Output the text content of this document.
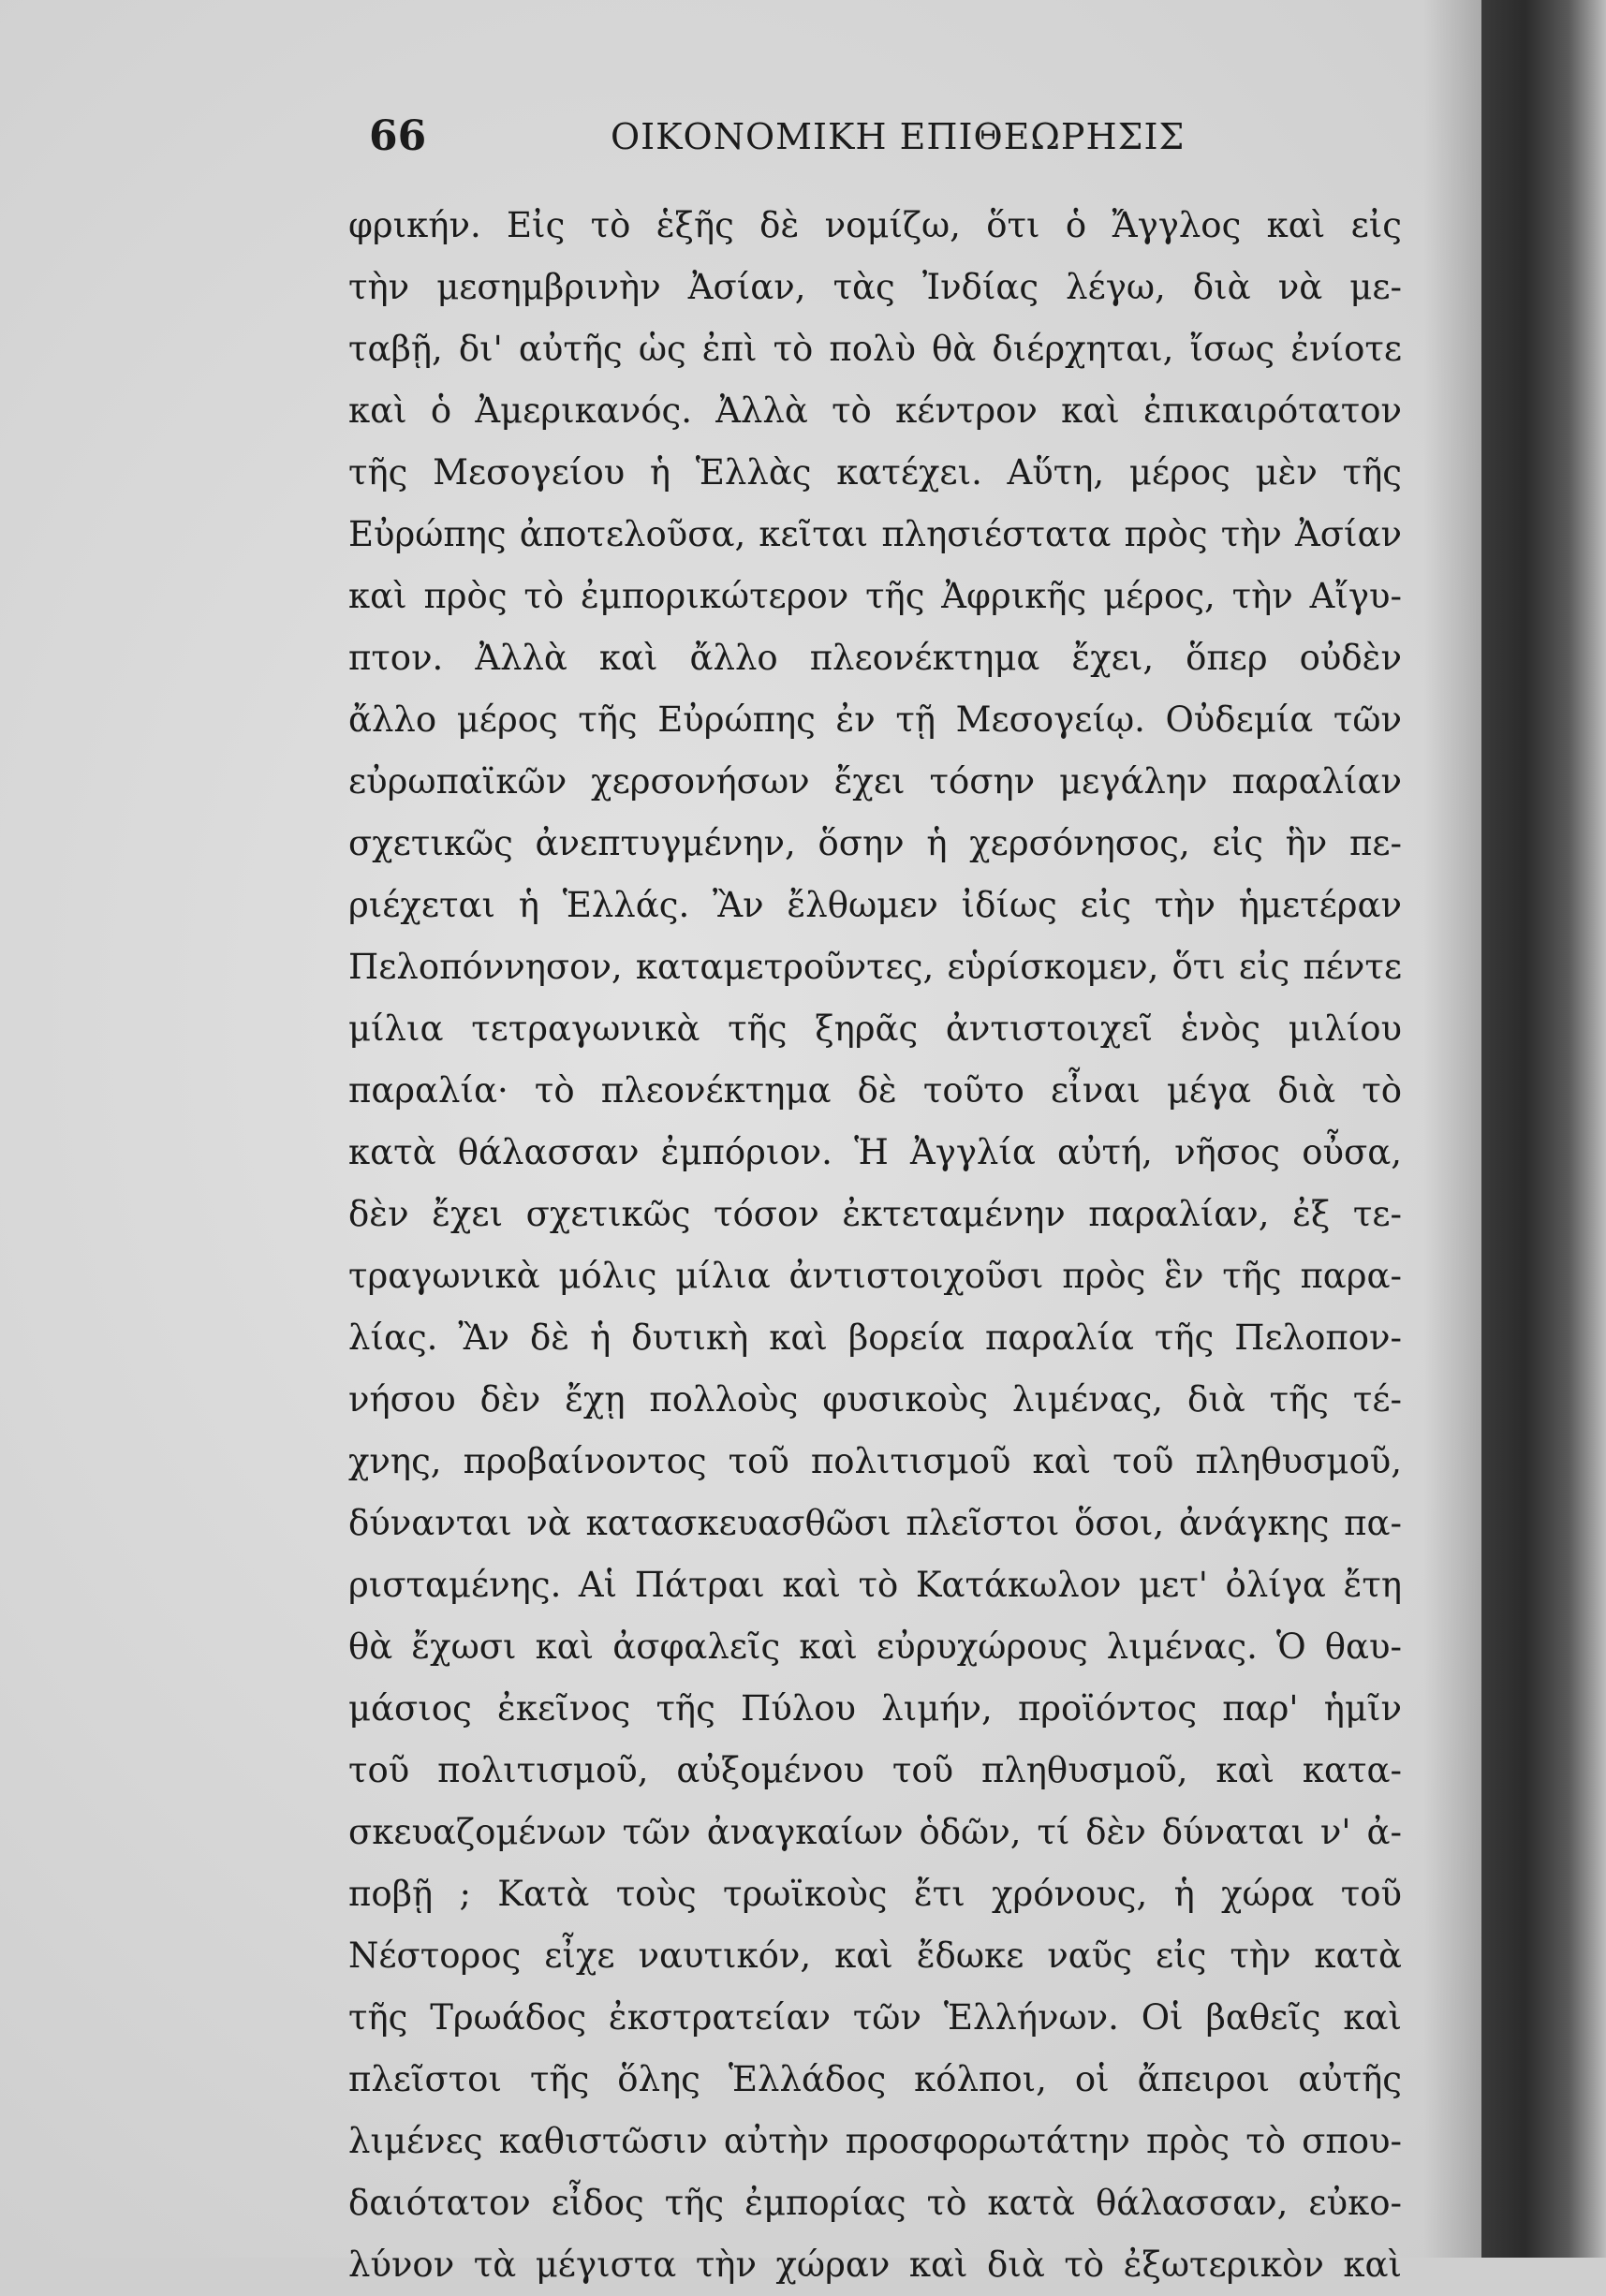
66	ΟΙΚΟΝΟΜΙΚΗ ΕΠΙΘΕΩΡΗΣΙΣ
φρικήν. Εἰς τὸ ἑξῆς δὲ νομίζω, ὅτι ὁ Ἄγγλος καὶ εἰς
τὴν μεσημβρινὴν Ἀσίαν, τὰς Ἰνδίας λέγω, διὰ νὰ με-
ταβῇ, δι' αὐτῆς ὡς ἐπὶ τὸ πολὺ θὰ διέρχηται, ἴσως ἐνίοτε
καὶ ὁ Ἀμερικανός. Ἀλλὰ τὸ κέντρον καὶ ἐπικαιρότατον
τῆς Μεσογείου ἡ Ἑλλὰς κατέχει. Αὕτη, μέρος μὲν τῆς
Εὐρώπης ἀποτελοῦσα, κεῖται πλησιέστατα πρὸς τὴν Ἀσίαν
καὶ πρὸς τὸ ἐμπορικώτερον τῆς Ἀφρικῆς μέρος, τὴν Αἴγυ-
πτον. Ἀλλὰ καὶ ἄλλο πλεονέκτημα ἔχει, ὅπερ οὐδὲν
ἄλλο μέρος τῆς Εὐρώπης ἐν τῇ Μεσογείῳ. Οὐδεμία τῶν
εὐρωπαϊκῶν χερσονήσων ἔχει τόσην μεγάλην παραλίαν
σχετικῶς ἀνεπτυγμένην, ὅσην ἡ χερσόνησος, εἰς ἣν πε-
ριέχεται ἡ Ἑλλάς. Ἂν ἔλθωμεν ἰδίως εἰς τὴν ἡμετέραν
Πελοπόννησον, καταμετροῦντες, εὑρίσκομεν, ὅτι εἰς πέντε
μίλια τετραγωνικὰ τῆς ξηρᾶς ἀντιστοιχεῖ ἑνὸς μιλίου
παραλία· τὸ πλεονέκτημα δὲ τοῦτο εἶναι μέγα διὰ τὸ
κατὰ θάλασσαν ἐμπόριον. Ἡ Ἀγγλία αὐτή, νῆσος οὖσα,
δὲν ἔχει σχετικῶς τόσον ἐκτεταμένην παραλίαν, ἐξ τε-
τραγωνικὰ μόλις μίλια ἀντιστοιχοῦσι πρὸς ἓν τῆς παρα-
λίας. Ἂν δὲ ἡ δυτικὴ καὶ βορεία παραλία τῆς Πελοπον-
νήσου δὲν ἔχῃ πολλοὺς φυσικοὺς λιμένας, διὰ τῆς τέ-
χνης, προβαίνοντος τοῦ πολιτισμοῦ καὶ τοῦ πληθυσμοῦ,
δύνανται νὰ κατασκευασθῶσι πλεῖστοι ὅσοι, ἀνάγκης πα-
ρισταμένης. Αἱ Πάτραι καὶ τὸ Κατάκωλον μετ' ὀλίγα ἔτη
θὰ ἔχωσι καὶ ἀσφαλεῖς καὶ εὐρυχώρους λιμένας. Ὁ θαυ-
μάσιος ἐκεῖνος τῆς Πύλου λιμήν, προϊόντος παρ' ἡμῖν
τοῦ πολιτισμοῦ, αὐξομένου τοῦ πληθυσμοῦ, καὶ κατα-
σκευαζομένων τῶν ἀναγκαίων ὁδῶν, τί δὲν δύναται ν' ἀ-
ποβῇ ; Κατὰ τοὺς τρωϊκοὺς ἔτι χρόνους, ἡ χώρα τοῦ
Νέστορος εἶχε ναυτικόν, καὶ ἔδωκε ναῦς εἰς τὴν κατὰ
τῆς Τρωάδος ἐκστρατείαν τῶν Ἑλλήνων. Οἱ βαθεῖς καὶ
πλεῖστοι τῆς ὅλης Ἑλλάδος κόλποι, οἱ ἄπειροι αὐτῆς
λιμένες καθιστῶσιν αὐτὴν προσφορωτάτην πρὸς τὸ σπου-
δαιότατον εἶδος τῆς ἐμπορίας τὸ κατὰ θάλασσαν, εὐκο-
λύνον τὰ μέγιστα τὴν χώραν καὶ διὰ τὸ ἐξωτερικὸν καὶ
